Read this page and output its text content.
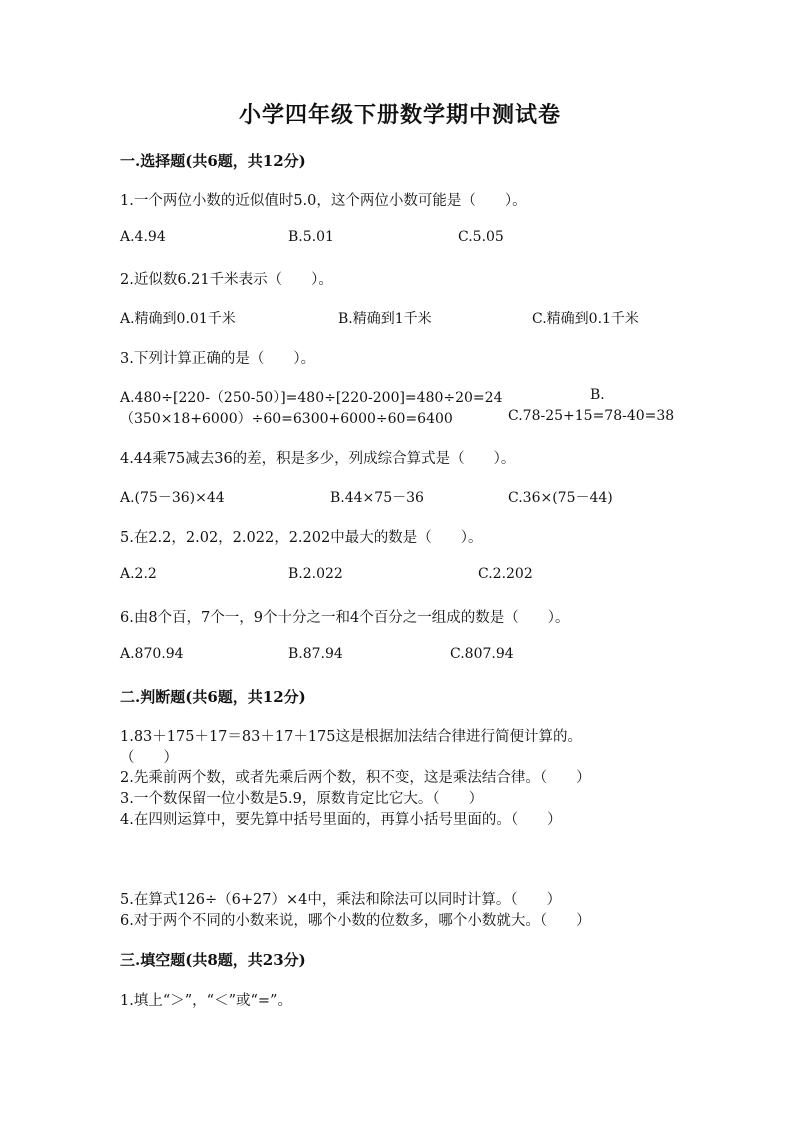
小学四年级下册数学期中测试卷
一.选择题(共6题，共12分)
1.一个两位小数的近似值时5.0，这个两位小数可能是（　　）。
A.4.94	B.5.01	C.5.05
2.近似数6.21千米表示（　　）。
A.精确到0.01千米	B.精确到1千米	C.精确到0.1千米
3.下列计算正确的是（　　）。
A.480÷[220-（250-50）]=480÷[220-200]=480÷20=24	B.
（350×18+6000）÷60=6300+6000÷60=6400	C.78-25+15=78-40=38
4.44乘75减去36的差，积是多少，列成综合算式是（　　）。
A.(75－36)×44	B.44×75－36	C.36×(75－44)
5.在2.2，2.02，2.022，2.202中最大的数是（　　）。
A.2.2	B.2.022	C.2.202
6.由8个百，7个一，9个十分之一和4个百分之一组成的数是（　　）。
A.870.94	B.87.94	C.807.94
二.判断题(共6题，共12分)
1.83＋175＋17＝83＋17＋175这是根据加法结合律进行简便计算的。
（　　）
2.先乘前两个数，或者先乘后两个数，积不变，这是乘法结合律。（　　）
3.一个数保留一位小数是5.9，原数肯定比它大。（　　）
4.在四则运算中，要先算中括号里面的，再算小括号里面的。（　　）
5.在算式126÷（6+27）×4中，乘法和除法可以同时计算。（　　）
6.对于两个不同的小数来说，哪个小数的位数多，哪个小数就大。（　　）
三.填空题(共8题，共23分)
1.填上“＞”，“＜”或“=”。
